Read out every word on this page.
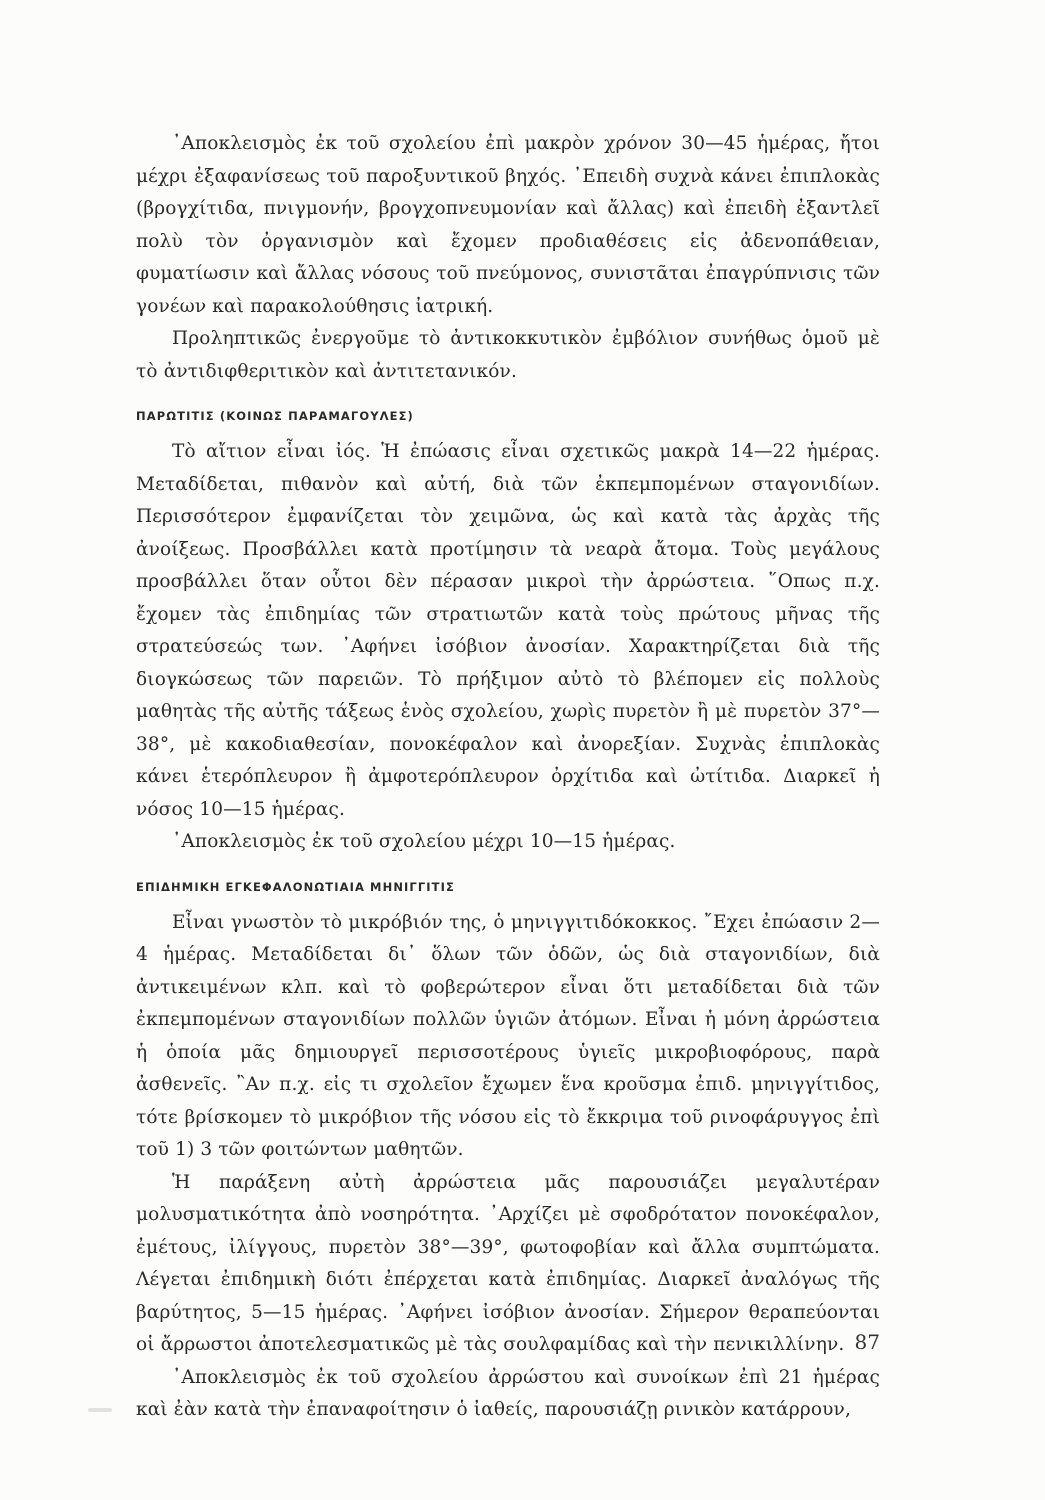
᾿Αποκλεισμὸς ἐκ τοῦ σχολείου ἐπὶ μακρὸν χρόνον 30—45 ἡμέρας, ἤτοι μέχρι ἐξαφανίσεως τοῦ παροξυντικοῦ βηχός. ᾿Επειδὴ συχνὰ κάνει ἐπιπλοκὰς (βρογχίτιδα, πνιγμονήν, βρογχοπνευμονίαν καὶ ἄλλας) καὶ ἐπειδὴ ἐξαντλεῖ πολὺ τὸν ὀργανισμὸν καὶ ἔχομεν προδιαθέσεις εἰς ἀδενοπάθειαν, φυματίωσιν καὶ ἄλλας νόσους τοῦ πνεύμονος, συνιστᾶται ἐπαγρύπνισις τῶν γονέων καὶ παρακολούθησις ἰατρική.

Προληπτικῶς ἐνεργοῦμε τὸ ἀντικοκκυτικὸν ἐμβόλιον συνήθως ὁμοῦ μὲ τὸ ἀντιδιφθεριτικὸν καὶ ἀντιτετανικόν.

ΠΑΡΩΤΙΤΙΣ (ΚΟΙΝΩΣ ΠΑΡΑΜΑΓΟΥΛΕΣ)

Τὸ αἴτιον εἶναι ἰός. Ἡ ἐπώασις εἶναι σχετικῶς μακρὰ 14—22 ἡμέρας. Μεταδίδεται, πιθανὸν καὶ αὐτή, διὰ τῶν ἐκπεμπομένων σταγονιδίων. Περισσότερον ἐμφανίζεται τὸν χειμῶνα, ὡς καὶ κατὰ τὰς ἀρχὰς τῆς ἀνοίξεως. Προσβάλλει κατὰ προτίμησιν τὰ νεαρὰ ἄτομα. Τοὺς μεγάλους προσβάλλει ὅταν οὗτοι δὲν πέρασαν μικροὶ τὴν ἀρρώστεια. ῞Οπως π.χ. ἔχομεν τὰς ἐπιδημίας τῶν στρατιωτῶν κατὰ τοὺς πρώτους μῆνας τῆς στρατεύσεώς των. ᾿Αφήνει ἰσόβιον ἀνοσίαν. Χαρακτηρίζεται διὰ τῆς διογκώσεως τῶν παρειῶν. Τὸ πρήξιμον αὐτὸ τὸ βλέπομεν εἰς πολλοὺς μαθητὰς τῆς αὐτῆς τάξεως ἑνὸς σχολείου, χωρὶς πυρετὸν ἢ μὲ πυρετὸν 37°—38°, μὲ κακοδιαθεσίαν, πονοκέφαλον καὶ ἀνορεξίαν. Συχνὰς ἐπιπλοκὰς κάνει ἑτερόπλευρον ἢ ἀμφοτερόπλευρον ὀρχίτιδα καὶ ὠτίτιδα. Διαρκεῖ ἡ νόσος 10—15 ἡμέρας.

᾿Αποκλεισμὸς ἐκ τοῦ σχολείου μέχρι 10—15 ἡμέρας.

ΕΠΙΔΗΜΙΚΗ ΕΓΚΕΦΑΛΟΝΩΤΙΑΙΑ ΜΗΝΙΓΓΙΤΙΣ

Εἶναι γνωστὸν τὸ μικρόβιόν της, ὁ μηνιγγιτιδόκοκκος. ῎Εχει ἐπώασιν 2—4 ἡμέρας. Μεταδίδεται δι᾿ ὅλων τῶν ὁδῶν, ὡς διὰ σταγονιδίων, διὰ ἀντικειμένων κλπ. καὶ τὸ φοβερώτερον εἶναι ὅτι μεταδίδεται διὰ τῶν ἐκπεμπομένων σταγονιδίων πολλῶν ὑγιῶν ἀτόμων. Εἶναι ἡ μόνη ἀρρώστεια ἡ ὁποία μᾶς δημιουργεῖ περισσοτέρους ὑγιεῖς μικροβιοφόρους, παρὰ ἀσθενεῖς. ῍Αν π.χ. εἰς τι σχολεῖον ἔχωμεν ἕνα κροῦσμα ἐπιδ. μηνιγγίτιδος, τότε βρίσκομεν τὸ μικρόβιον τῆς νόσου εἰς τὸ ἔκκριμα τοῦ ρινοφάρυγγος ἐπὶ τοῦ 1) 3 τῶν φοιτώντων μαθητῶν.

Ἡ παράξενη αὐτὴ ἀρρώστεια μᾶς παρουσιάζει μεγαλυτέραν μολυσματικότητα ἀπὸ νοσηρότητα. ᾿Αρχίζει μὲ σφοδρότατον πονοκέφαλον, ἐμέτους, ἰλίγγους, πυρετὸν 38°—39°, φωτοφοβίαν καὶ ἄλλα συμπτώματα. Λέγεται ἐπιδημικὴ διότι ἐπέρχεται κατὰ ἐπιδημίας. Διαρκεῖ ἀναλόγως τῆς βαρύτητος, 5—15 ἡμέρας. ᾿Αφήνει ἰσόβιον ἀνοσίαν. Σήμερον θεραπεύονται οἱ ἄρρωστοι ἀποτελεσματικῶς μὲ τὰς σουλφαμίδας καὶ τὴν πενικιλλίνην.

᾿Αποκλεισμὸς ἐκ τοῦ σχολείου ἀρρώστου καὶ συνοίκων ἐπὶ 21 ἡμέρας καὶ ἐὰν κατὰ τὴν ἐπαναφοίτησιν ὁ ἰαθείς, παρουσιάζῃ ρινικὸν κατάρρουν,

87
